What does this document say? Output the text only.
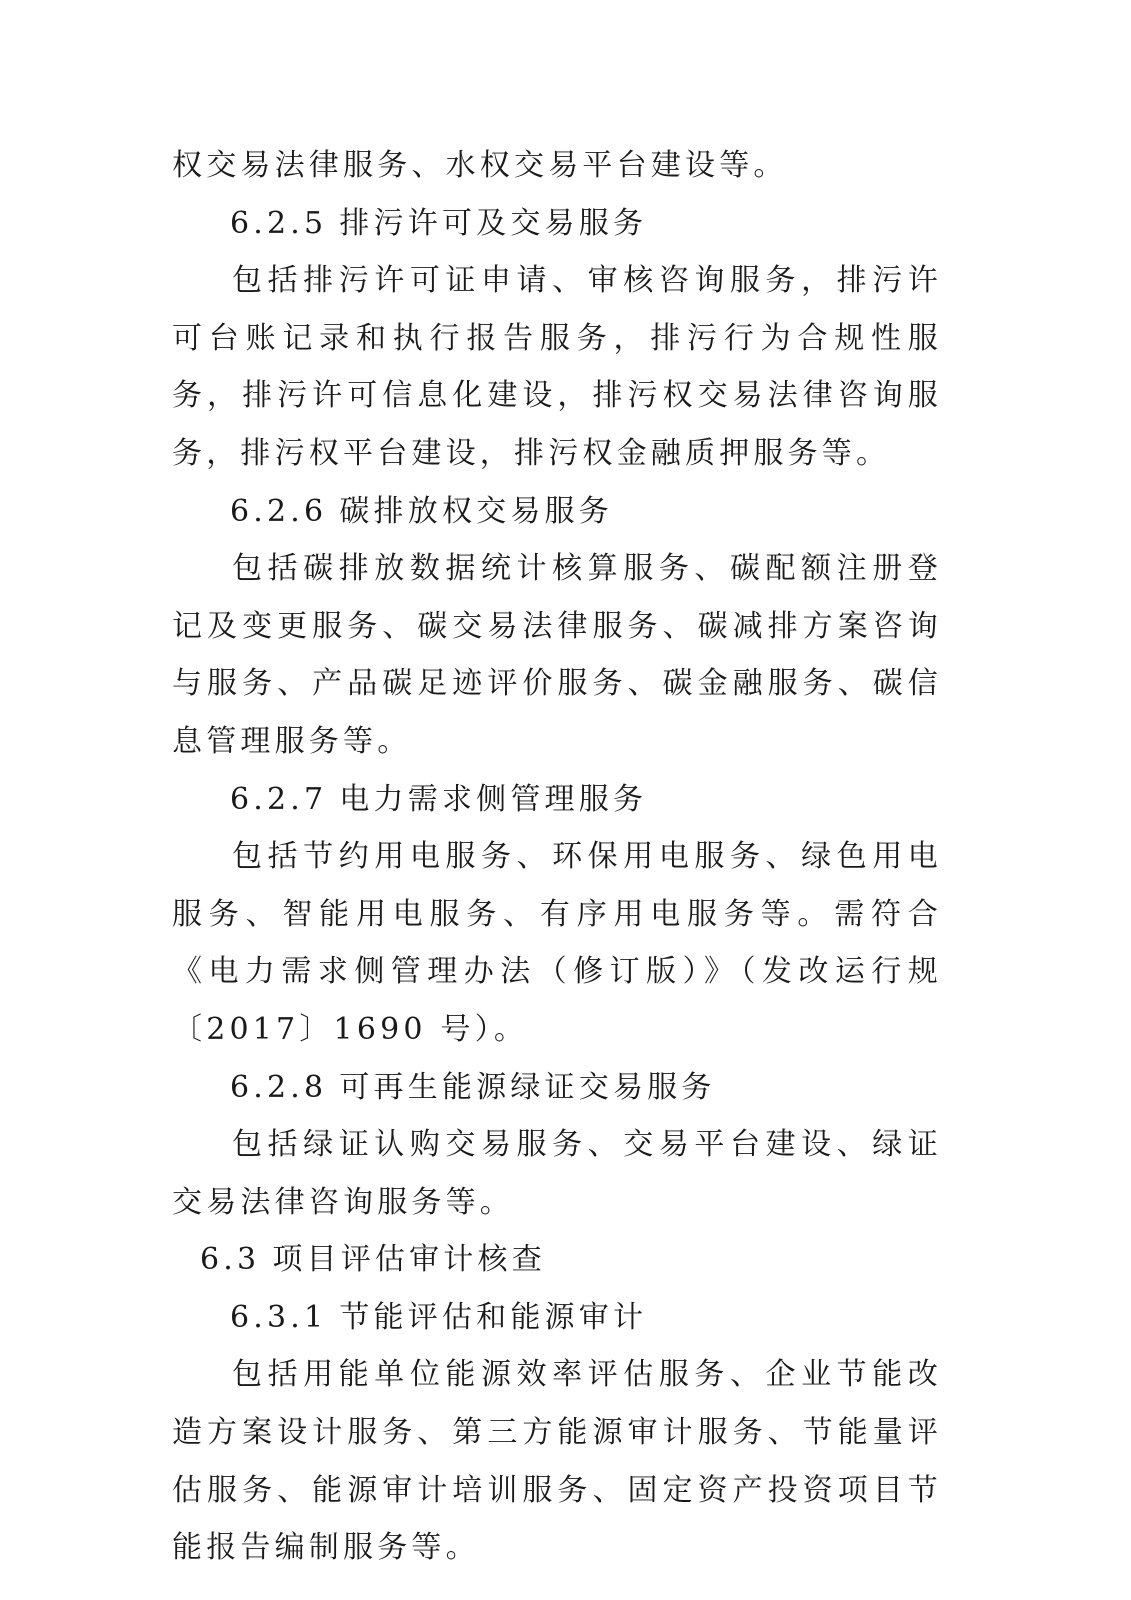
权交易法律服务、水权交易平台建设等。

6.2.5 排污许可及交易服务

包括排污许可证申请、审核咨询服务，排污许可台账记录和执行报告服务，排污行为合规性服务，排污许可信息化建设，排污权交易法律咨询服务，排污权平台建设，排污权金融质押服务等。

6.2.6 碳排放权交易服务

包括碳排放数据统计核算服务、碳配额注册登记及变更服务、碳交易法律服务、碳减排方案咨询与服务、产品碳足迹评价服务、碳金融服务、碳信息管理服务等。

6.2.7 电力需求侧管理服务

包括节约用电服务、环保用电服务、绿色用电服务、智能用电服务、有序用电服务等。需符合《电力需求侧管理办法（修订版）》（发改运行规〔2017〕1690 号）。

6.2.8 可再生能源绿证交易服务

包括绿证认购交易服务、交易平台建设、绿证交易法律咨询服务等。

6.3 项目评估审计核查

6.3.1 节能评估和能源审计

包括用能单位能源效率评估服务、企业节能改造方案设计服务、第三方能源审计服务、节能量评估服务、能源审计培训服务、固定资产投资项目节能报告编制服务等。
